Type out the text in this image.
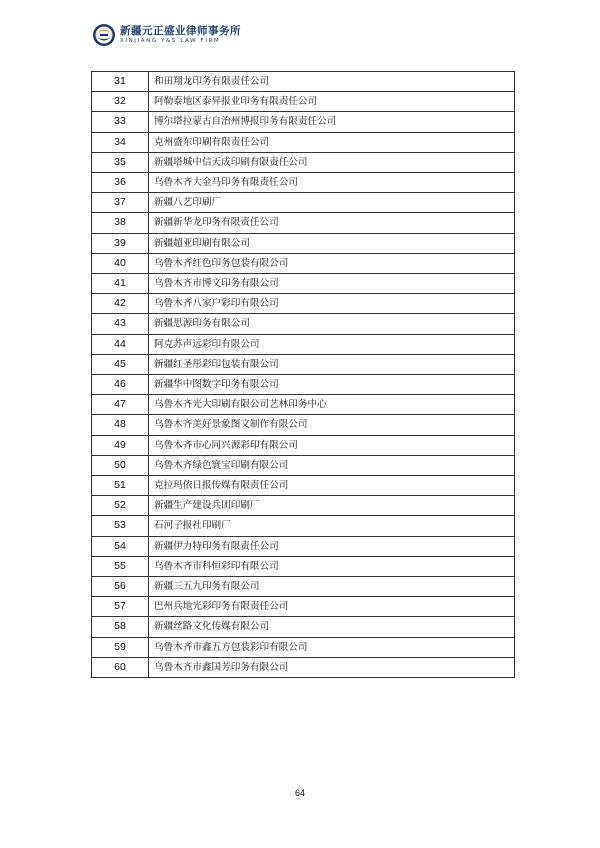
新疆元正盛业律师事务所
XINJIANG Y&S LAW FIRM
31	和田翔龙印务有限责任公司
32	阿勒泰地区泰昇报业印务有限责任公司
33	博尔塔拉蒙古自治州博报印务有限责任公司
34	克州盛东印刷有限责任公司
35	新疆塔城中信天成印刷有限责任公司
36	乌鲁木齐大金马印务有限责任公司
37	新疆八艺印刷厂
38	新疆新华龙印务有限责任公司
39	新疆超亚印刷有限公司
40	乌鲁木齐红色印务包装有限公司
41	乌鲁木齐市博文印务有限公司
42	乌鲁木齐八家户彩印有限公司
43	新疆思源印务有限公司
44	阿克苏声远彩印有限公司
45	新疆红圣彤彩印包装有限公司
46	新疆华中图数字印务有限公司
47	乌鲁木齐光大印刷有限公司艺林印务中心
48	乌鲁木齐美好景象图文制作有限公司
49	乌鲁木齐市心同兴源彩印有限公司
50	乌鲁木齐绿色寰宝印刷有限公司
51	克拉玛依日报传媒有限责任公司
52	新疆生产建设兵团印刷厂
53	石河子报社印刷厂
54	新疆伊力特印务有限责任公司
55	乌鲁木齐市科恒彩印有限公司
56	新疆三五九印务有限公司
57	巴州兵地光彩印务有限责任公司
58	新疆丝路文化传媒有限公司
59	乌鲁木齐市鑫五方包装彩印有限公司
60	乌鲁木齐市鑫国芳印务有限公司
64
